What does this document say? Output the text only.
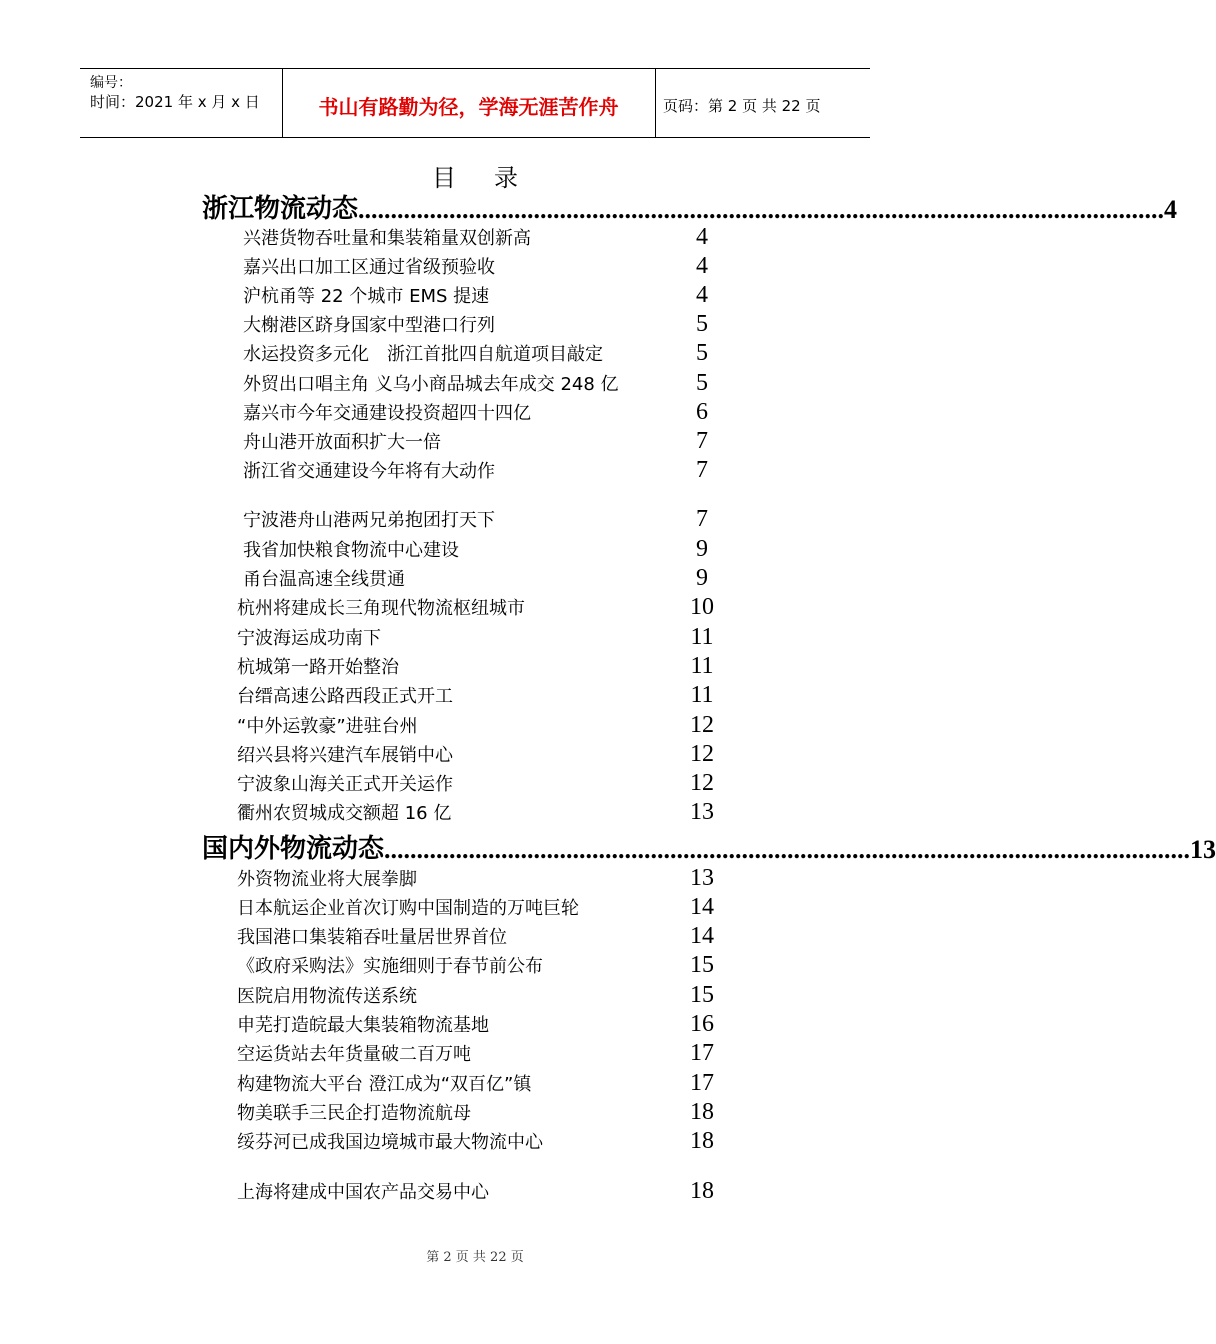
编号：
时间：2021 年 x 月 x 日	书山有路勤为径，学海无涯苦作舟	页码：第 2 页 共 22 页
目录
浙江物流动态 ............................................................................................................................ 4
兴港货物吞吐量和集装箱量双创新高	4
嘉兴出口加工区通过省级预验收	4
沪杭甬等 22 个城市 EMS 提速	4
大榭港区跻身国家中型港口行列	5
水运投资多元化　浙江首批四自航道项目敲定	5
外贸出口唱主角 义乌小商品城去年成交 248 亿	5
嘉兴市今年交通建设投资超四十四亿	6
舟山港开放面积扩大一倍	7
浙江省交通建设今年将有大动作	7
宁波港舟山港两兄弟抱团打天下	7
我省加快粮食物流中心建设	9
甬台温高速全线贯通	9
杭州将建成长三角现代物流枢纽城市	10
宁波海运成功南下	11
杭城第一路开始整治	11
台缙高速公路西段正式开工	11
“中外运敦豪”进驻台州	12
绍兴县将兴建汽车展销中心	12
宁波象山海关正式开关运作	12
衢州农贸城成交额超 16 亿	13
国内外物流动态 ............................................................................................................................ 13
外资物流业将大展拳脚	13
日本航运企业首次订购中国制造的万吨巨轮	14
我国港口集装箱吞吐量居世界首位	14
《政府采购法》实施细则于春节前公布	15
医院启用物流传送系统	15
申芜打造皖最大集装箱物流基地	16
空运货站去年货量破二百万吨	17
构建物流大平台 澄江成为“双百亿”镇	17
物美联手三民企打造物流航母	18
绥芬河已成我国边境城市最大物流中心	18
上海将建成中国农产品交易中心	18
第 2 页 共 22 页
